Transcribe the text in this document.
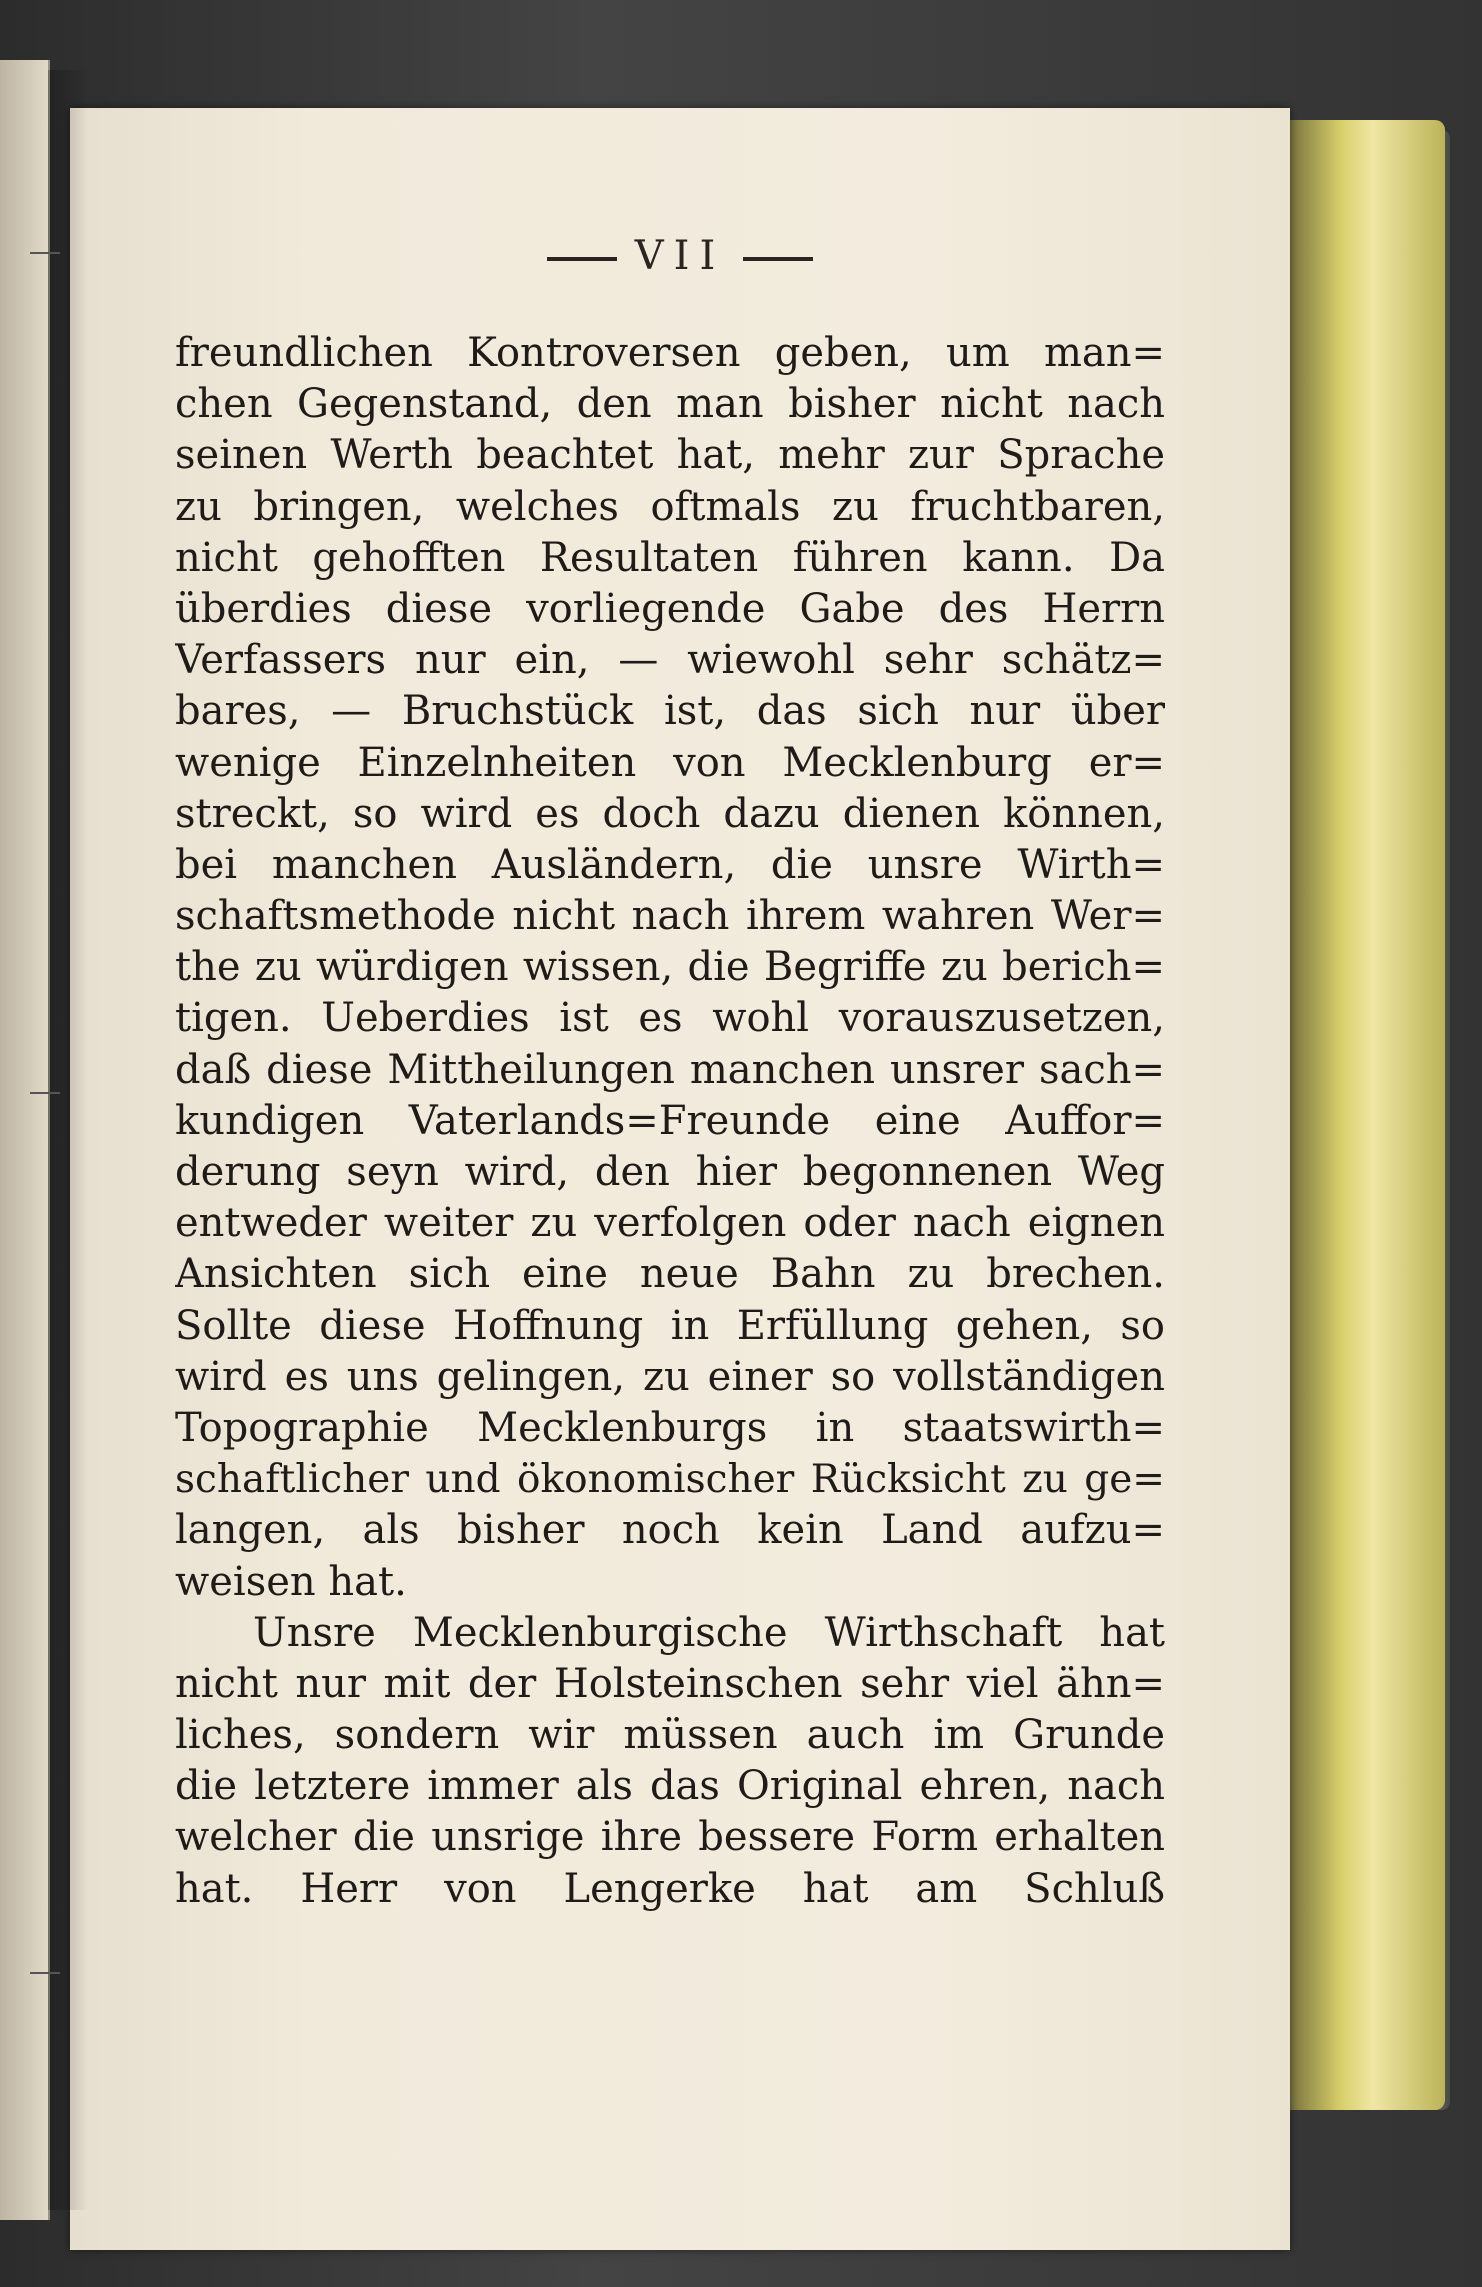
VII
freundlichen Kontroversen geben, um man=
chen Gegenstand, den man bisher nicht nach
seinen Werth beachtet hat, mehr zur Sprache
zu bringen, welches oftmals zu fruchtbaren,
nicht gehofften Resultaten führen kann. Da
überdies diese vorliegende Gabe des Herrn
Verfassers nur ein, — wiewohl sehr schätz=
bares, — Bruchstück ist, das sich nur über
wenige Einzelnheiten von Mecklenburg er=
streckt, so wird es doch dazu dienen können,
bei manchen Ausländern, die unsre Wirth=
schaftsmethode nicht nach ihrem wahren Wer=
the zu würdigen wissen, die Begriffe zu berich=
tigen. Ueberdies ist es wohl vorauszusetzen,
daß diese Mittheilungen manchen unsrer sach=
kundigen Vaterlands=Freunde eine Auffor=
derung seyn wird, den hier begonnenen Weg
entweder weiter zu verfolgen oder nach eignen
Ansichten sich eine neue Bahn zu brechen.
Sollte diese Hoffnung in Erfüllung gehen, so
wird es uns gelingen, zu einer so vollständigen
Topographie Mecklenburgs in staatswirth=
schaftlicher und ökonomischer Rücksicht zu ge=
langen, als bisher noch kein Land aufzu=
weisen hat.
Unsre Mecklenburgische Wirthschaft hat
nicht nur mit der Holsteinschen sehr viel ähn=
liches, sondern wir müssen auch im Grunde
die letztere immer als das Original ehren, nach
welcher die unsrige ihre bessere Form erhalten
hat. Herr von Lengerke hat am Schluß
